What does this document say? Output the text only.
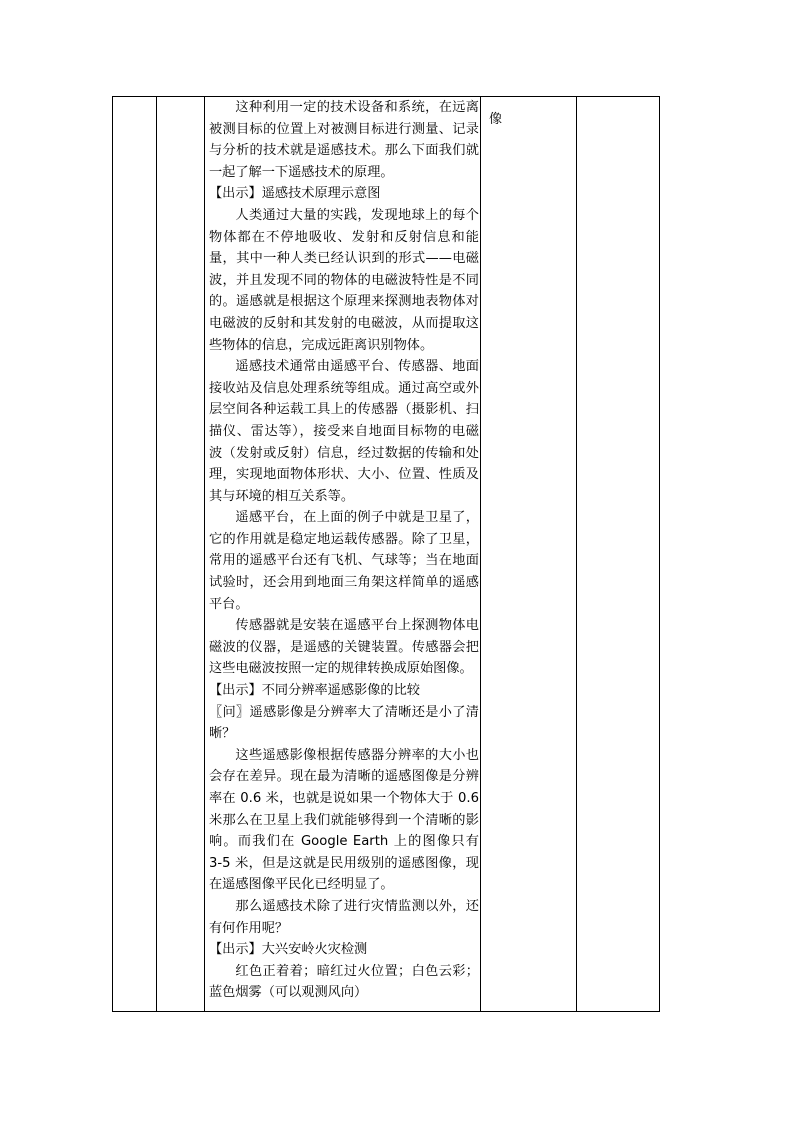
这种利用一定的技术设备和系统，在远离被测目标的位置上对被测目标进行测量、记录与分析的技术就是遥感技术。那么下面我们就一起了解一下遥感技术的原理。

【出示】遥感技术原理示意图

人类通过大量的实践，发现地球上的每个物体都在不停地吸收、发射和反射信息和能量，其中一种人类已经认识到的形式——电磁波，并且发现不同的物体的电磁波特性是不同的。遥感就是根据这个原理来探测地表物体对电磁波的反射和其发射的电磁波，从而提取这些物体的信息，完成远距离识别物体。

遥感技术通常由遥感平台、传感器、地面接收站及信息处理系统等组成。通过高空或外层空间各种运载工具上的传感器（摄影机、扫描仪、雷达等），接受来自地面目标物的电磁波（发射或反射）信息，经过数据的传输和处理，实现地面物体形状、大小、位置、性质及其与环境的相互关系等。

遥感平台，在上面的例子中就是卫星了，它的作用就是稳定地运载传感器。除了卫星，常用的遥感平台还有飞机、气球等；当在地面试验时，还会用到地面三角架这样简单的遥感平台。

传感器就是安装在遥感平台上探测物体电磁波的仪器，是遥感的关键装置。传感器会把这些电磁波按照一定的规律转换成原始图像。

【出示】不同分辨率遥感影像的比较

〖问〗遥感影像是分辨率大了清晰还是小了清晰？

这些遥感影像根据传感器分辨率的大小也会存在差异。现在最为清晰的遥感图像是分辨率在 0.6 米，也就是说如果一个物体大于 0.6 米那么在卫星上我们就能够得到一个清晰的影响。而我们在 Google Earth 上的图像只有 3-5 米，但是这就是民用级别的遥感图像，现在遥感图像平民化已经明显了。

那么遥感技术除了进行灾情监测以外，还有何作用呢？

【出示】大兴安岭火灾检测

红色正着着；暗红过火位置；白色云彩；蓝色烟雾（可以观测风向）

像
